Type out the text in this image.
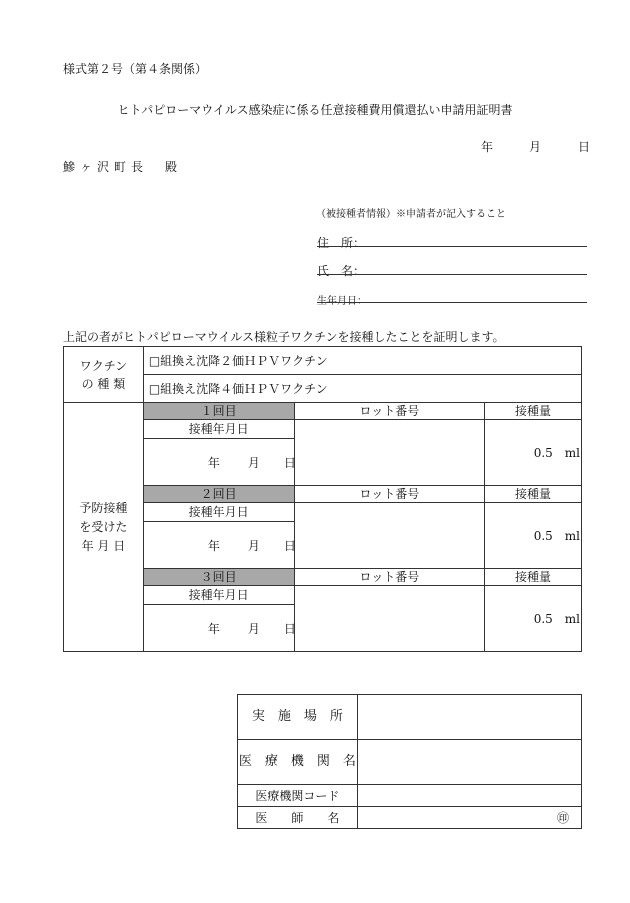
様式第２号（第４条関係）
ヒトパピローマウイルス感染症に係る任意接種費用償還払い申請用証明書
年	月	日
鰺ヶ沢町長　殿
（被接種者情報）※申請者が記入すること
住　所：
氏　名：
生年月日：
上記の者がヒトパピローマウイルス様粒子ワクチンを接種したことを証明します。
ワクチン
の 種 類	□組換え沈降２価ＨＰＶワクチン		
	□組換え沈降４価ＨＰＶワクチン		

予防接種
を受けた
年 月 日	１回目	ロット番号	接種量
	接種年月日		0.5　ml

	年 月 日		

	２回目	ロット番号	接種量
	接種年月日		0.5　ml

	年 月 日		

	３回目	ロット番号	接種量
	接種年月日		0.5　ml

	年 月 日		
実　施　場　所	
医　療　機　関　名	
医療機関コード	
医　　師　　名	㊞
